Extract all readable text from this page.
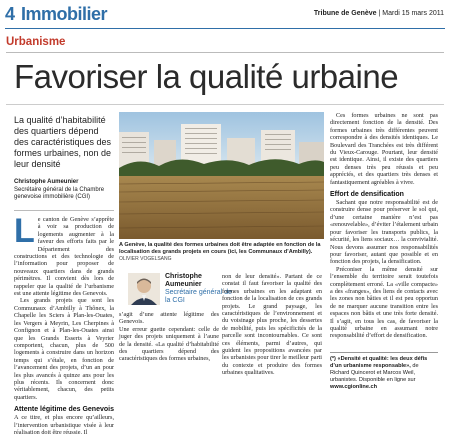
4 Immobilier	Tribune de Genève | Mardi 15 mars 2011
Urbanisme
Favoriser la qualité urbaine
La qualité d’habitabilité des quartiers dépend des caractéristiques des formes urbaines, non de leur densité
Christophe Aumeunier
Secrétaire général de la Chambre genevoise immobilière (CGI)
L e canton de Genève s’apprête à voir sa production de logements augmenter à la faveur des efforts faits par le Département des constructions et des technologie de l’information pour proposer de nouveaux quartiers dans de grands périmètres. Il convient dès lors de rappeler que la qualité de l’urbanisme est une attente légitime des Genevois.
Les grands projets que sont les Communaux d’Ambilly à Thônex, la Chapelle les Sciers à Plan-les-Ouates, les Vergers à Meyrin, Les Cherpines à Confignon et à Plan-les-Ouates ainsi que les Grands Esserts à Veyrier comportent, chacun, plus de 500 logements à construire dans un horizon temps qui s’étale, en fonction de l’avancement des projets, d’un an pour les plus avancés à quinze ans pour les plus récents. Ils concernent donc véritablement, chacun, des petits quartiers.
Attente légitime des Genevois
A ce titre, et plus encore qu’ailleurs, l’intervention urbanistique visée à leur réalisation doit être réussie. Il
A Genève, la qualité des formes urbaines doit être adaptée en fonction de la localisation des grands projets en cours (ici, les Communaux d’Ambilly). OLIVIER VOGELSANG
Christophe Aumeunier
Secrétaire général de la CGI
s’agit d’une attente légitime des Genevois.
Une erreur guette cependant: celle de juger des projets uniquement à l’aune de la densité. «La qualité d’habitabilité des quartiers dépend des caractéristiques des formes urbaines,
non de leur densité». Partant de ce constat il faut favoriser la qualité des formes urbaines en les adaptant en fonction de la localisation de ces grands projets. Le grand paysage, les caractéristiques de l’environnement et du voisinage plus proche, les dessertes de mobilité, puis les spécificités de la parcelle sont incontournables. Ce sont ces éléments, parmi d’autres, qui guident les propositions avancées par les urbanistes pour tirer le meilleur parti du contexte et produire des formes urbaines qualitatives.
Ces formes urbaines ne sont pas directement fonction de la densité. Des formes urbaines très différentes peuvent correspondre à des densités identiques. Le Boulevard des Tranchées est très différent du Vieux-Carouge. Pourtant, leur densité est identique. Ainsi, il existe des quartiers peu denses très peu réussis et peu appréciés, et des quartiers très denses et fantastiquement agréables à vivre.
Effort de densification
Sachant que notre responsabilité est de construire dense pour préserver le sol qui, d’une certaine manière n’est pas «renouvelable», d’éviter l’étalement urbain pour favoriser les transports publics, la sécurité, les liens sociaux… la convivialité. Nous devons assumer nos responsabilités pour favoriser, autant que possible et en fonction des projets, la densification.
Préconiser la même densité sur l’ensemble du territoire serait toutefois complètement erroné. La «ville compacte» a des «franges», des liens de contacts avec les zones non bâties et il est peu opportun de ne marquer aucune transition entre les espaces non bâtis et une très forte densité. Il s’agit, en tous les cas, de favoriser la qualité urbaine en assumant notre responsabilité d’effort de densification.
(*) «Densité et qualité: les deux défis d’un urbanisme responsable», de Richard Quincerot et Marcos Weil, urbanistes. Disponible en ligne sur www.cgionline.ch
